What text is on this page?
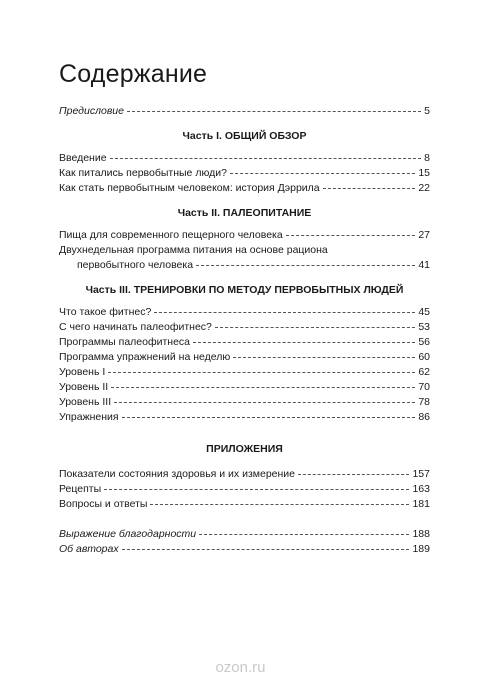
Содержание
Предисловие	5
Часть I. ОБЩИЙ ОБЗОР
Введение	8
Как питались первобытные люди?	15
Как стать первобытным человеком: история Дэррила	22
Часть II. ПАЛЕОПИТАНИЕ
Пища для современного пещерного человека	27
Двухнедельная программа питания на основе рациона
первобытного человека	41
Часть III. ТРЕНИРОВКИ ПО МЕТОДУ ПЕРВОБЫТНЫХ ЛЮДЕЙ
Что такое фитнес?	45
С чего начинать палеофитнес?	53
Программы палеофитнеса	56
Программа упражнений на неделю	60
Уровень I	62
Уровень II	70
Уровень III	78
Упражнения	86
ПРИЛОЖЕНИЯ
Показатели состояния здоровья и их измерение	157
Рецепты	163
Вопросы и ответы	181
Выражение благодарности	188
Об авторах	189
ozon.ru
